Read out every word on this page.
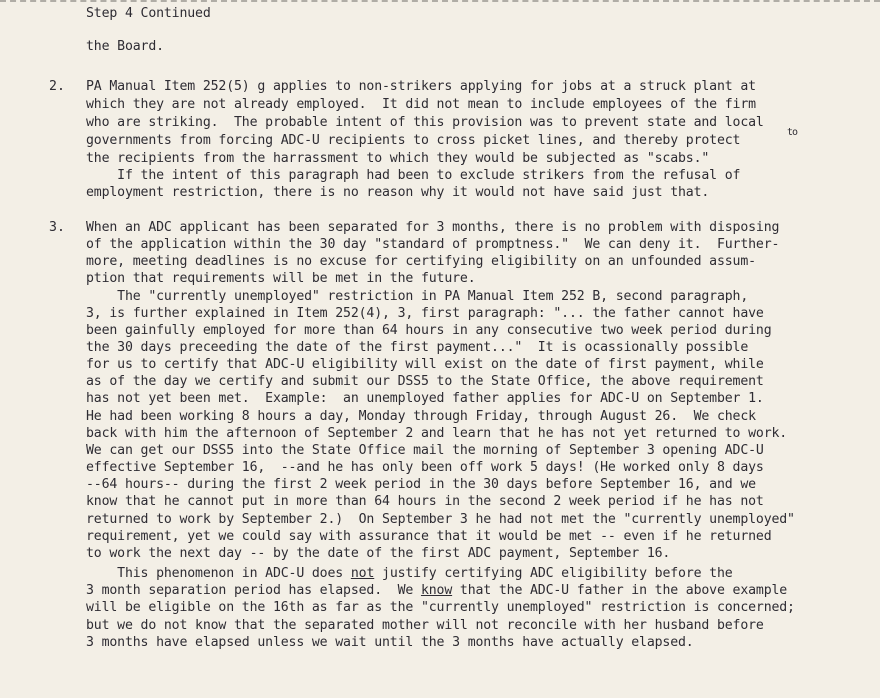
Step 4 Continued
the Board.
2. PA Manual Item 252(5) g applies to non-strikers applying for jobs at a struck plant at
which they are not already employed.  It did not mean to include employees of the firm
who are striking.  The probable intent of this provision was to prevent state and local
governments from forcing ADC-U recipients to cross picket lines, and thereby protect
to
the recipients from the harrassment to which they would be subjected as "scabs."
If the intent of this paragraph had been to exclude strikers from the refusal of
employment restriction, there is no reason why it would not have said just that.
3. When an ADC applicant has been separated for 3 months, there is no problem with disposing
of the application within the 30 day "standard of promptness."  We can deny it.  Further-
more, meeting deadlines is no excuse for certifying eligibility on an unfounded assum-
ption that requirements will be met in the future.
The "currently unemployed" restriction in PA Manual Item 252 B, second paragraph,
3, is further explained in Item 252(4), 3, first paragraph: "... the father cannot have
been gainfully employed for more than 64 hours in any consecutive two week period during
the 30 days preceeding the date of the first payment..."  It is ocassionally possible
for us to certify that ADC-U eligibility will exist on the date of first payment, while
as of the day we certify and submit our DSS5 to the State Office, the above requirement
has not yet been met.  Example:  an unemployed father applies for ADC-U on September 1.
He had been working 8 hours a day, Monday through Friday, through August 26.  We check
back with him the afternoon of September 2 and learn that he has not yet returned to work.
We can get our DSS5 into the State Office mail the morning of September 3 opening ADC-U
effective September 16,  --and he has only been off work 5 days! (He worked only 8 days
--64 hours-- during the first 2 week period in the 30 days before September 16, and we
know that he cannot put in more than 64 hours in the second 2 week period if he has not
returned to work by September 2.)  On September 3 he had not met the "currently unemployed"
requirement, yet we could say with assurance that it would be met -- even if he returned
to work the next day -- by the date of the first ADC payment, September 16.
This phenomenon in ADC-U does not justify certifying ADC eligibility before the
3 month separation period has elapsed.  We know that the ADC-U father in the above example
will be eligible on the 16th as far as the "currently unemployed" restriction is concerned;
but we do not know that the separated mother will not reconcile with her husband before
3 months have elapsed unless we wait until the 3 months have actually elapsed.
